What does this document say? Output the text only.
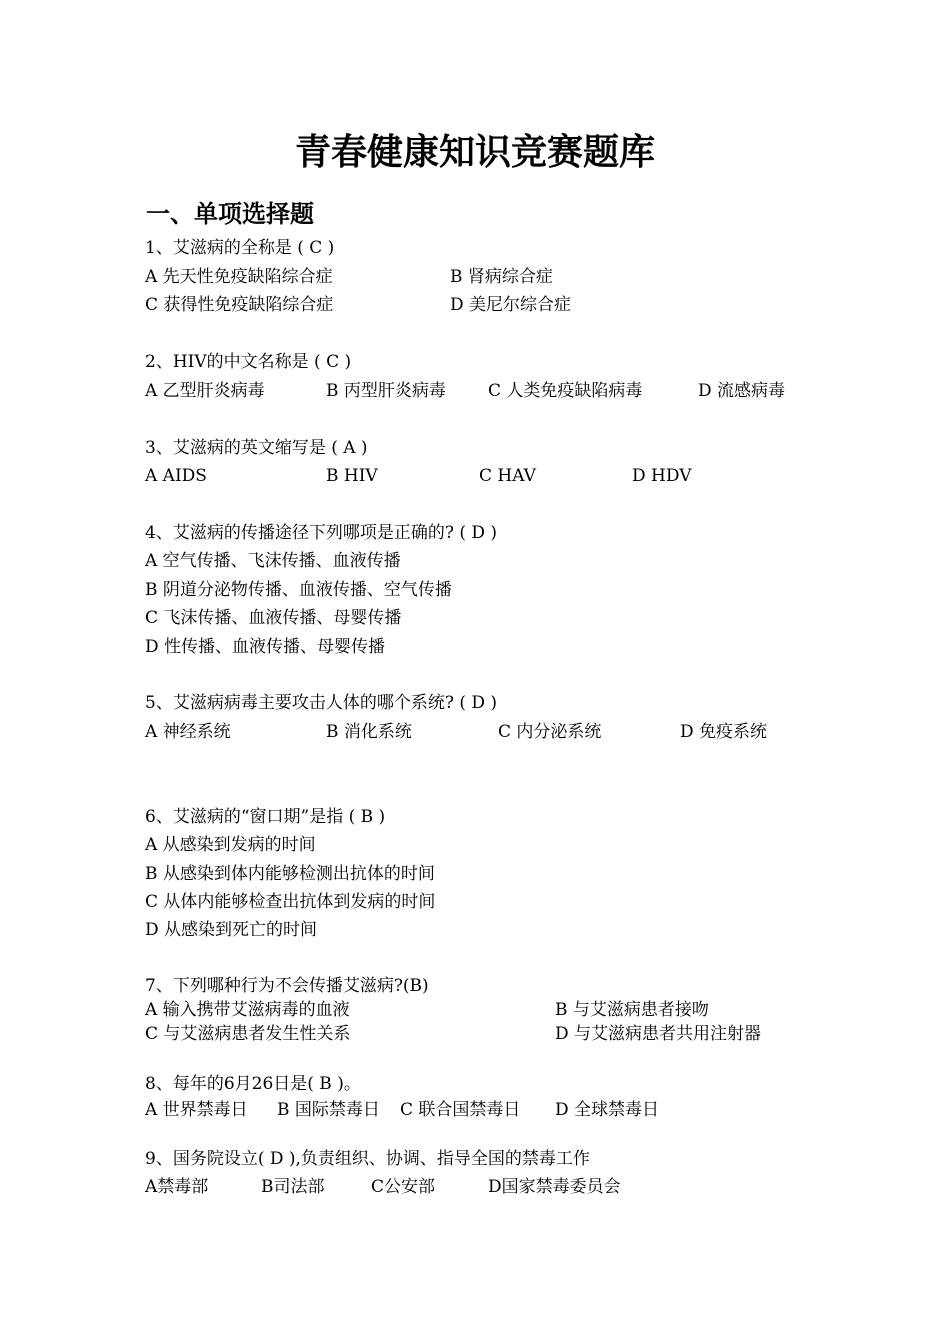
青春健康知识竞赛题库
一、单项选择题
1、艾滋病的全称是 ( C )
A 先天性免疫缺陷综合症	B 肾病综合症
C 获得性免疫缺陷综合症	D 美尼尔综合症
2、HIV的中文名称是 ( C )
A 乙型肝炎病毒	B 丙型肝炎病毒 C 人类免疫缺陷病毒	D 流感病毒
3、艾滋病的英文缩写是 ( A )
A AIDS	B HIV	C HAV	D HDV
4、艾滋病的传播途径下列哪项是正确的? ( D )
A 空气传播、飞沫传播、血液传播
B 阴道分泌物传播、血液传播、空气传播
C 飞沫传播、血液传播、母婴传播
D 性传播、血液传播、母婴传播
5、艾滋病病毒主要攻击人体的哪个系统? ( D )
A 神经系统	B 消化系统	C 内分泌系统	D 免疫系统
6、艾滋病的“窗口期”是指 ( B )
A 从感染到发病的时间
B 从感染到体内能够检测出抗体的时间
C 从体内能够检查出抗体到发病的时间
D 从感染到死亡的时间
7、下列哪种行为不会传播艾滋病?(B)
A 输入携带艾滋病毒的血液	B 与艾滋病患者接吻
C 与艾滋病患者发生性关系	D 与艾滋病患者共用注射器
8、每年的6月26日是( B )。
A 世界禁毒日 B 国际禁毒日 C 联合国禁毒日 D 全球禁毒日
9、国务院设立( D ),负责组织、协调、指导全国的禁毒工作
A禁毒部	B司法部	C公安部	D国家禁毒委员会
